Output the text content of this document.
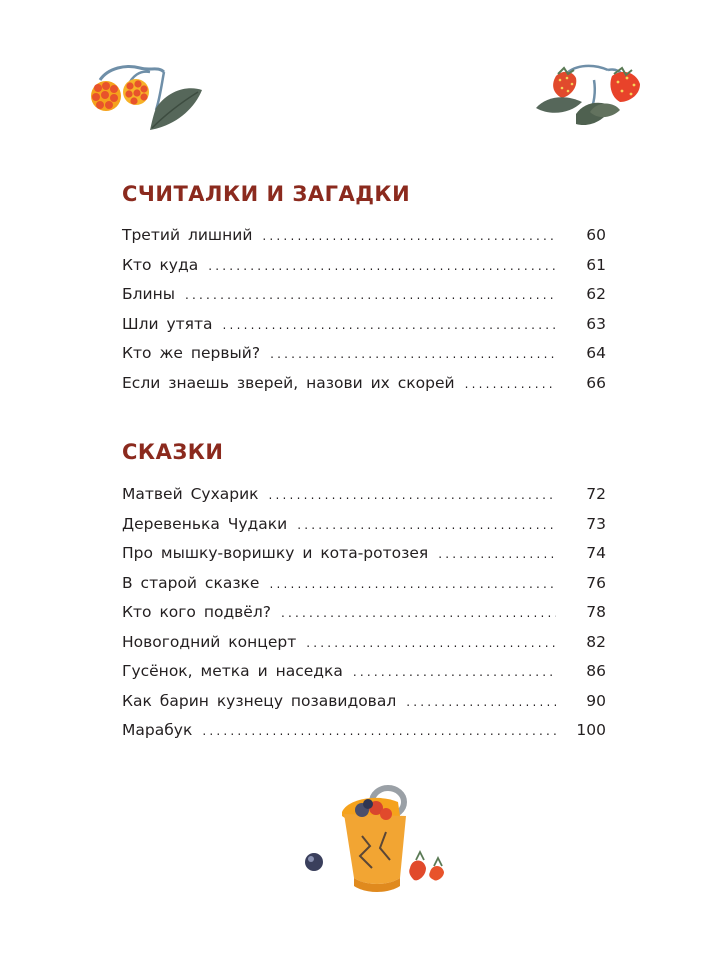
СЧИТАЛКИ И ЗАГАДКИ
Третий лишний .....	60
Кто куда .....	61
Блины .....	62
Шли утята .....	63
Кто же первый? .....	64
Если знаешь зверей, назови их скорей .....	66
СКАЗКИ
Матвей Сухарик .....	72
Деревенька Чудаки .....	73
Про мышку-воришку и кота-ротозея .....	74
В старой сказке .....	76
Кто кого подвёл? .....	78
Новогодний концерт .....	82
Гусёнок, метка и наседка .....	86
Как барин кузнецу позавидовал .....	90
Марабук .....	100
